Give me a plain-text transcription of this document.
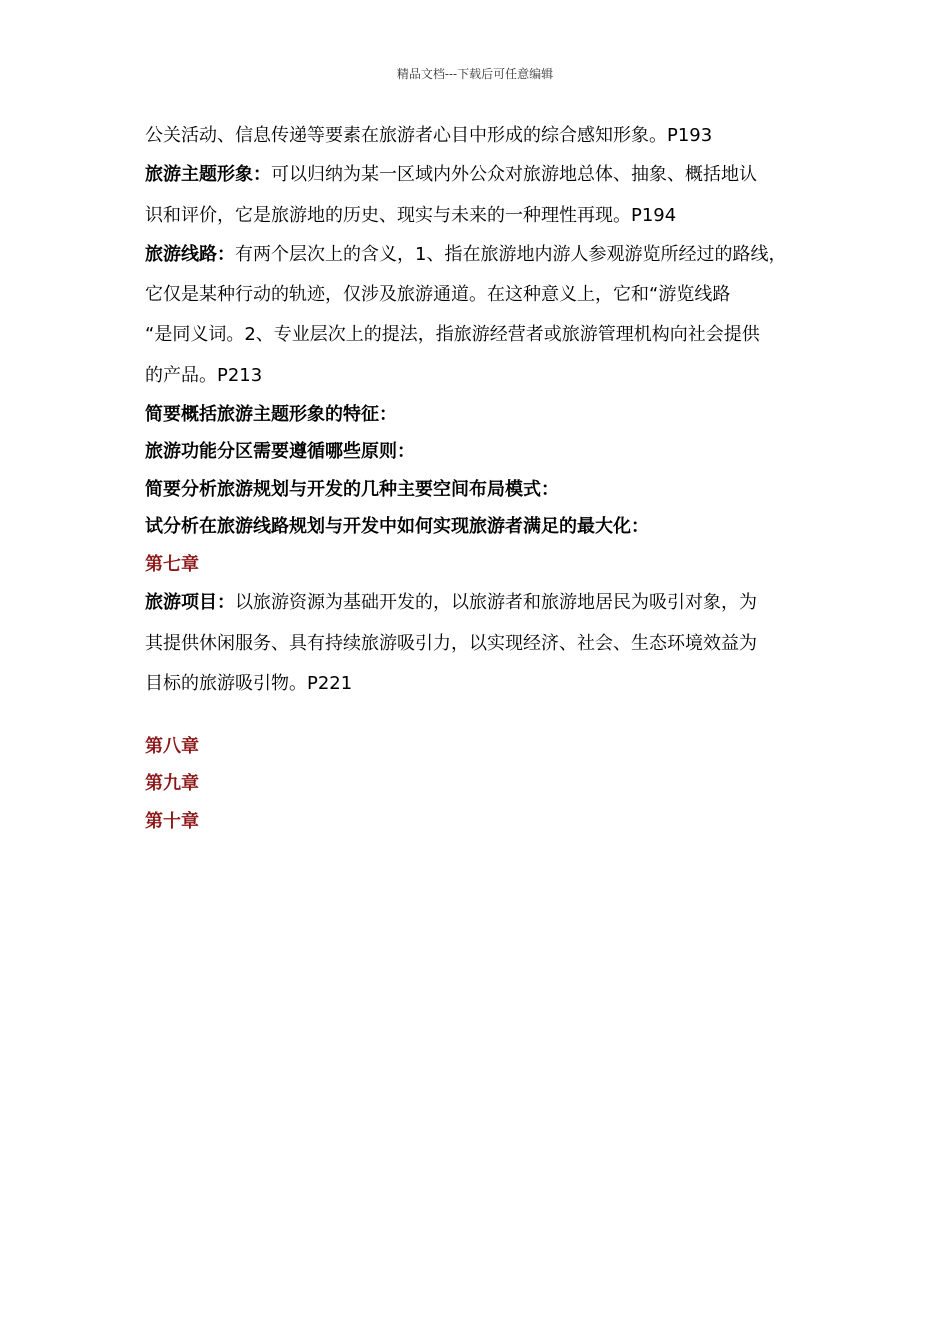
精品文档---下载后可任意编辑
公关活动、信息传递等要素在旅游者心目中形成的综合感知形象。P193
旅游主题形象：可以归纳为某一区域内外公众对旅游地总体、抽象、概括地认
识和评价，它是旅游地的历史、现实与未来的一种理性再现。P194
旅游线路：有两个层次上的含义，1、指在旅游地内游人参观游览所经过的路线，
它仅是某种行动的轨迹，仅涉及旅游通道。在这种意义上，它和“游览线路
“是同义词。2、专业层次上的提法，指旅游经营者或旅游管理机构向社会提供
的产品。P213
简要概括旅游主题形象的特征：
旅游功能分区需要遵循哪些原则：
简要分析旅游规划与开发的几种主要空间布局模式：
试分析在旅游线路规划与开发中如何实现旅游者满足的最大化：
第七章
旅游项目：以旅游资源为基础开发的，以旅游者和旅游地居民为吸引对象，为
其提供休闲服务、具有持续旅游吸引力，以实现经济、社会、生态环境效益为
目标的旅游吸引物。P221
第八章
第九章
第十章
